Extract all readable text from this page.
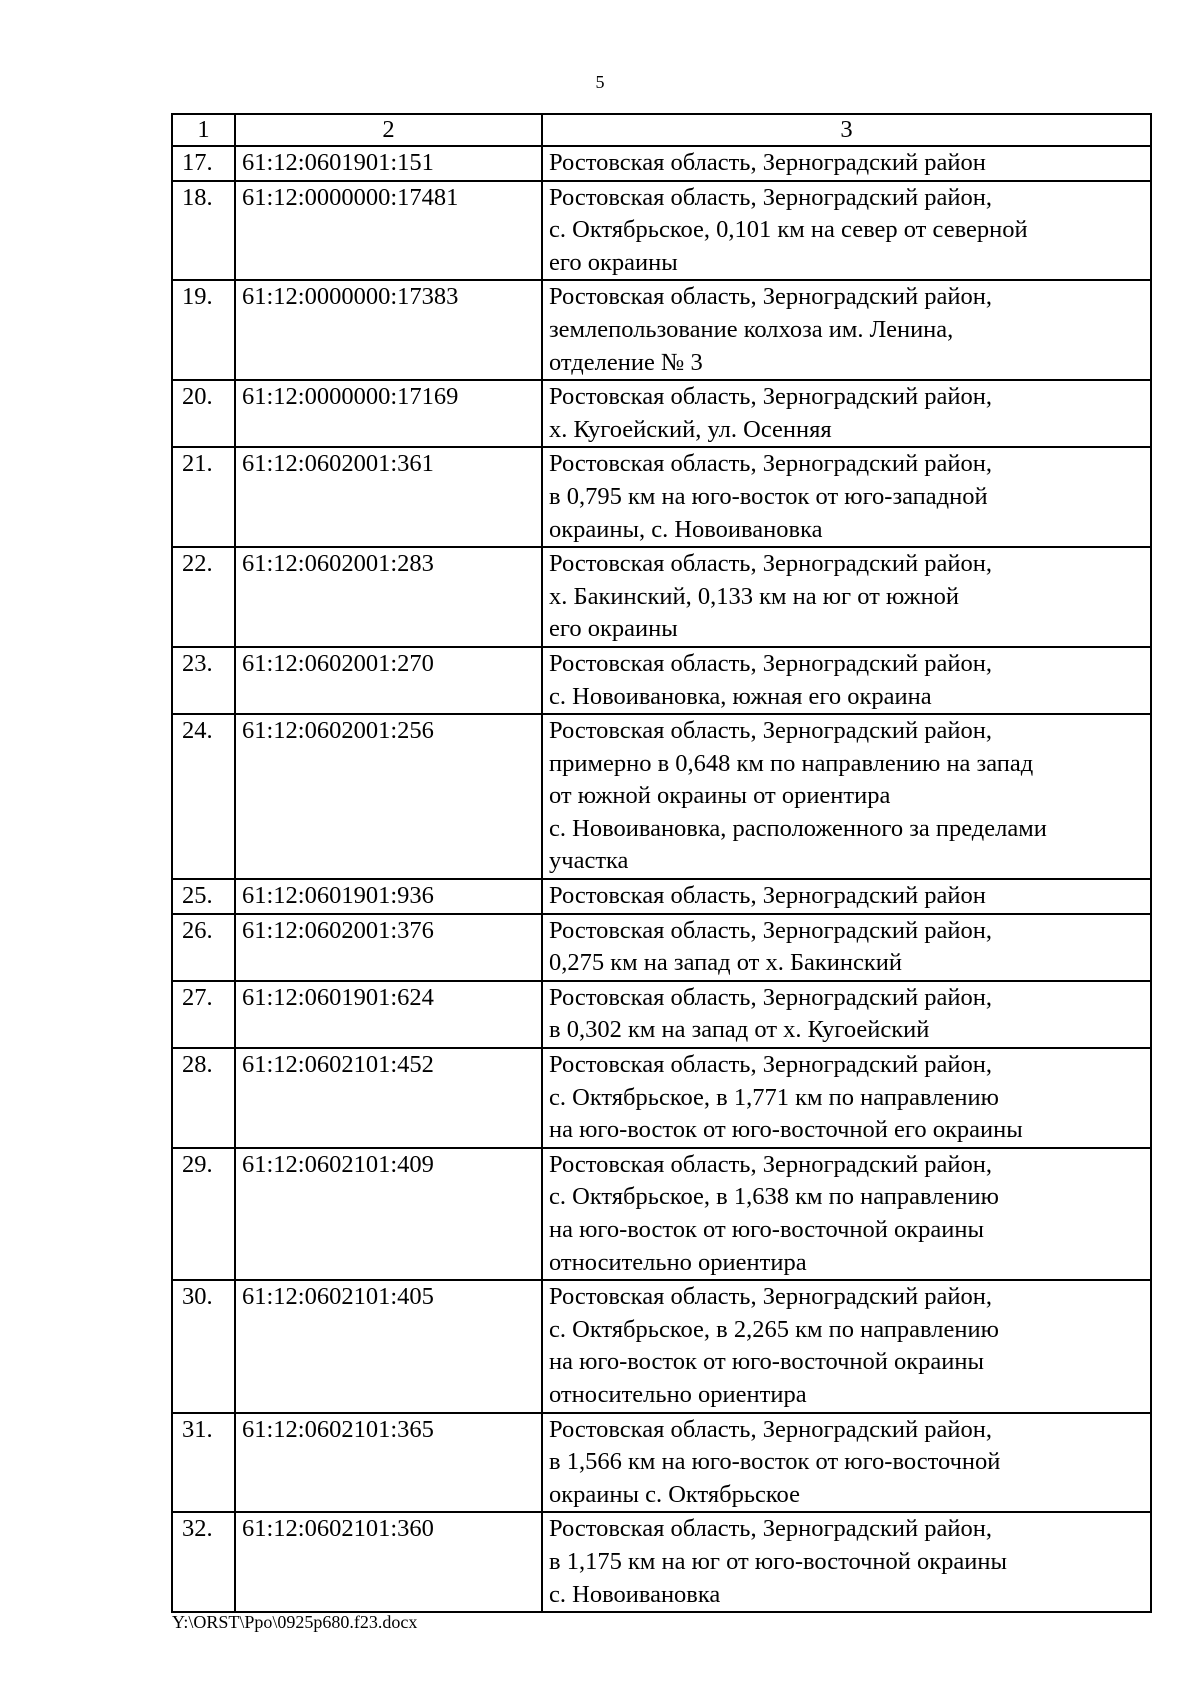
5
1	2	3
17.	61:12:0601901:151	Ростовская область, Зерноградский район
18.	61:12:0000000:17481	Ростовская область, Зерноградский район,
с. Октябрьское, 0,101 км на север от северной
его окраины
19.	61:12:0000000:17383	Ростовская область, Зерноградский район,
землепользование колхоза им. Ленина,
отделение № 3
20.	61:12:0000000:17169	Ростовская область, Зерноградский район,
х. Кугоейский, ул. Осенняя
21.	61:12:0602001:361	Ростовская область, Зерноградский район,
в 0,795 км на юго-восток от юго-западной
окраины, с. Новоивановка
22.	61:12:0602001:283	Ростовская область, Зерноградский район,
х. Бакинский, 0,133 км на юг от южной
его окраины
23.	61:12:0602001:270	Ростовская область, Зерноградский район,
с. Новоивановка, южная его окраина
24.	61:12:0602001:256	Ростовская область, Зерноградский район,
примерно в 0,648 км по направлению на запад
от южной окраины от ориентира
с. Новоивановка, расположенного за пределами
участка
25.	61:12:0601901:936	Ростовская область, Зерноградский район
26.	61:12:0602001:376	Ростовская область, Зерноградский район,
0,275 км на запад от х. Бакинский
27.	61:12:0601901:624	Ростовская область, Зерноградский район,
в 0,302 км на запад от х. Кугоейский
28.	61:12:0602101:452	Ростовская область, Зерноградский район,
с. Октябрьское, в 1,771 км по направлению
на юго-восток от юго-восточной его окраины
29.	61:12:0602101:409	Ростовская область, Зерноградский район,
с. Октябрьское, в 1,638 км по направлению
на юго-восток от юго-восточной окраины
относительно ориентира
30.	61:12:0602101:405	Ростовская область, Зерноградский район,
с. Октябрьское, в 2,265 км по направлению
на юго-восток от юго-восточной окраины
относительно ориентира
31.	61:12:0602101:365	Ростовская область, Зерноградский район,
в 1,566 км на юго-восток от юго-восточной
окраины с. Октябрьское
32.	61:12:0602101:360	Ростовская область, Зерноградский район,
в 1,175 км на юг от юго-восточной окраины
с. Новоивановка
Y:\ORST\Ppo\0925p680.f23.docx
